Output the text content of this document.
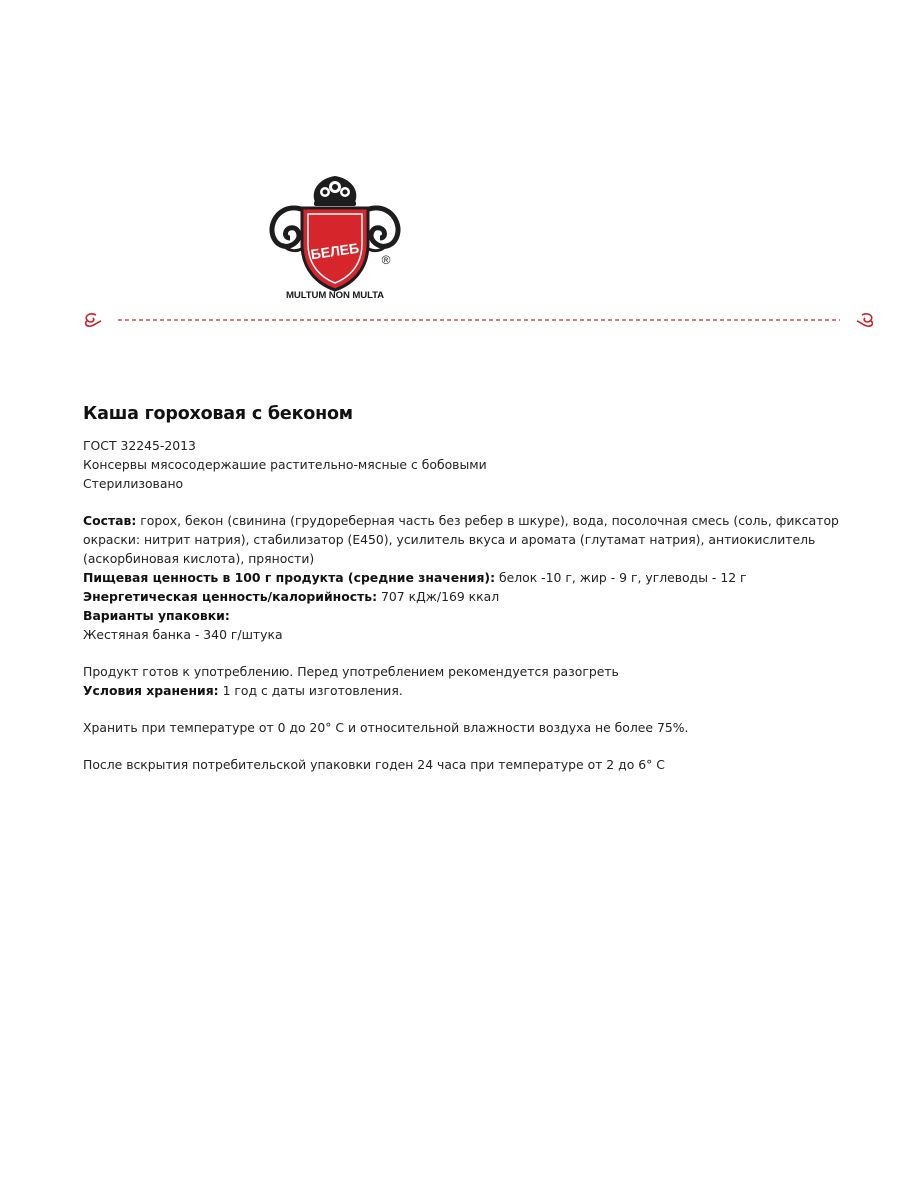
БЕЛЕБ ®
MULTUM NON MULTA
Каша гороховая с беконом

ГОСТ 32245-2013

Консервы мясосодержашие растительно-мясные с бобовыми

Стерилизовано

Состав: горох, бекон (свинина (грудореберная часть без ребер в шкуре), вода, посолочная смесь (соль, фиксатор окраски: нитрит натрия), стабилизатор (Е450), усилитель вкуса и аромата (глутамат натрия), антиокислитель (аскорбиновая кислота), пряности)

Пищевая ценность в 100 г продукта (средние значения): белок -10 г, жир - 9 г, углеводы - 12 г

Энергетическая ценность/калорийность: 707 кДж/169 ккал

Варианты упаковки:

Жестяная банка - 340 г/штука

Продукт готов к употреблению. Перед употреблением рекомендуется разогреть

Условия хранения: 1 год с даты изготовления.

Хранить при температуре от 0 до 20° С и относительной влажности воздуха не более 75%.

После вскрытия потребительской упаковки годен 24 часа при температуре от 2 до 6° С
